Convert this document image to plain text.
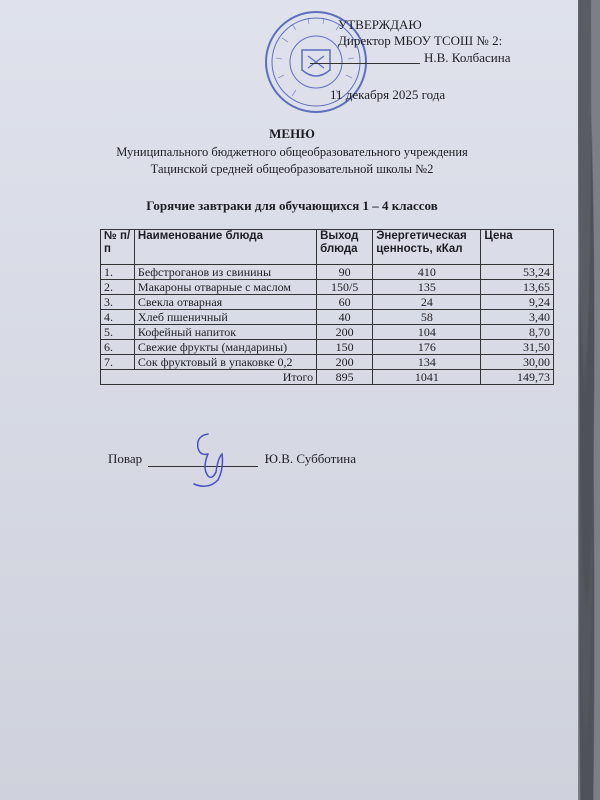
УТВЕРЖДАЮ
Директор МБОУ ТСОШ № 2:
Н.В. Колбасина
11 декабря 2025 года
МЕНЮ
Муниципального бюджетного общеобразовательного учреждения
Тацинской средней общеобразовательной школы №2
Горячие завтраки для обучающихся 1 – 4 классов
№ п/п	Наименование блюда	Выход блюда	Энергетическая ценность, кКал	Цена
1.	Бефстроганов из свинины	90	410	53,24
2.	Макароны отварные с маслом	150/5	135	13,65
3.	Свекла отварная	60	24	9,24
4.	Хлеб пшеничный	40	58	3,40
5.	Кофейный напиток	200	104	8,70
6.	Свежие фрукты (мандарины)	150	176	31,50
7.	Сок фруктовый в упаковке 0,2	200	134	30,00
Итого		895	1041	149,73
Повар	Ю.В. Субботина
